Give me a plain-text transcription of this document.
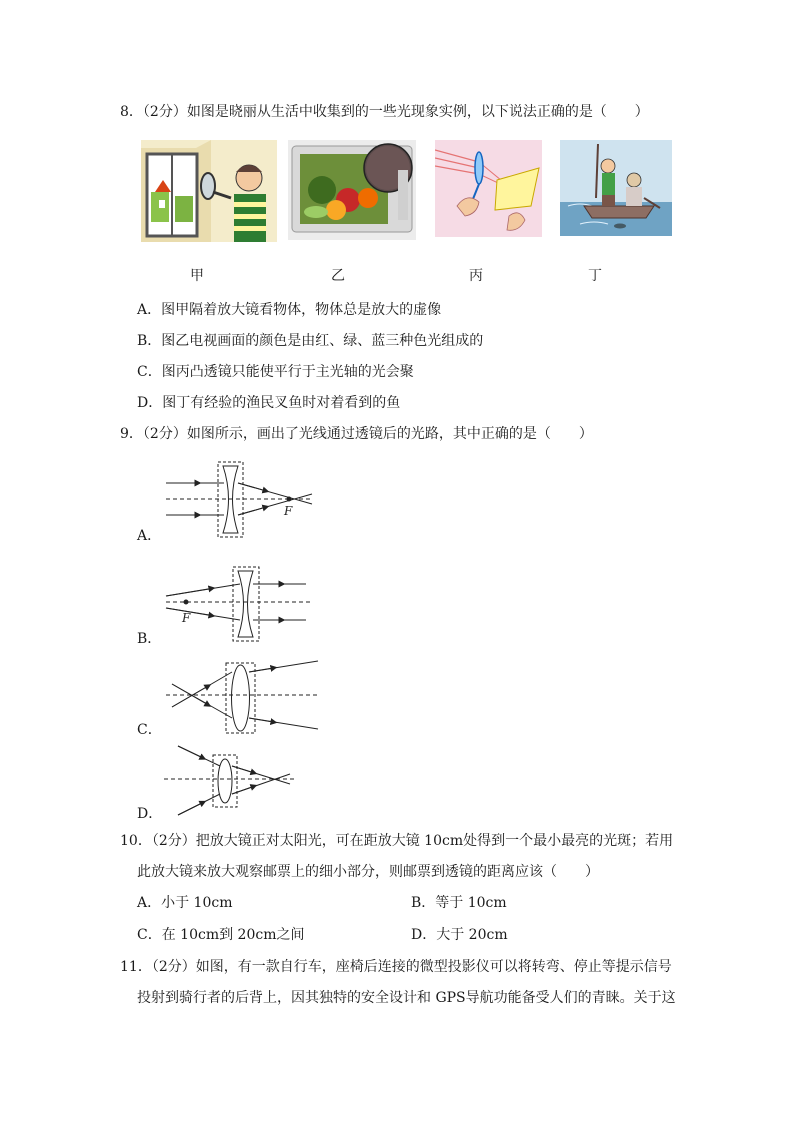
8．（2分）如图是晓丽从生活中收集到的一些光现象实例，以下说法正确的是（　　）
甲	乙	丙	丁
A．图甲隔着放大镜看物体，物体总是放大的虚像
B．图乙电视画面的颜色是由红、绿、蓝三种色光组成的
C．图丙凸透镜只能使平行于主光轴的光会聚
D．图丁有经验的渔民叉鱼时对着看到的鱼
9．（2分）如图所示，画出了光线通过透镜后的光路，其中正确的是（　　）
F
F
A．
B．
C．
D．
10．（2分）把放大镜正对太阳光，可在距放大镜 10cm处得到一个最小最亮的光斑；若用
此放大镜来放大观察邮票上的细小部分，则邮票到透镜的距离应该（　　）
A．小于 10cm	B．等于 10cm
C．在 10cm到 20cm之间	D．大于 20cm
11．（2分）如图，有一款自行车，座椅后连接的微型投影仪可以将转弯、停止等提示信号
投射到骑行者的后背上，因其独特的安全设计和 GPS导航功能备受人们的青睐。关于这
